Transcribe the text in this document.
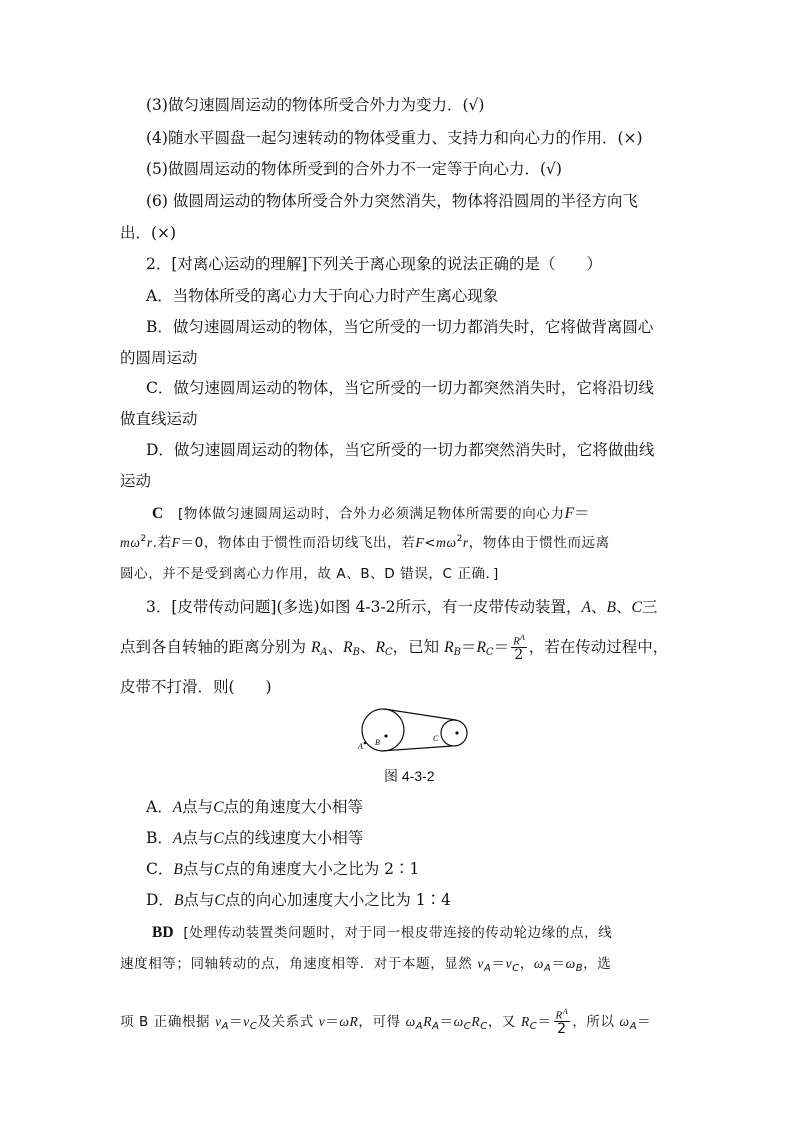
(3)做匀速圆周运动的物体所受合外力为变力．(√)
(4)随水平圆盘一起匀速转动的物体受重力、支持力和向心力的作用．(×)
(5)做圆周运动的物体所受到的合外力不一定等于向心力．(√)
(6) 做圆周运动的物体所受合外力突然消失，物体将沿圆周的半径方向飞
出．(×)
2．[对离心运动的理解]下列关于离心现象的说法正确的是（　　）
A．当物体所受的离心力大于向心力时产生离心现象
B．做匀速圆周运动的物体，当它所受的一切力都消失时，它将做背离圆心
的圆周运动
C．做匀速圆周运动的物体，当它所受的一切力都突然消失时，它将沿切线
做直线运动
D．做匀速圆周运动的物体，当它所受的一切力都突然消失时，它将做曲线
运动
C [物体做匀速圆周运动时，合外力必须满足物体所需要的向心力F＝
$m\omega^2r$.若F＝0，物体由于惯性而沿切线飞出，若$F<m\omega^2r$，物体由于惯性而远离
圆心，并不是受到离心力作用，故 A、B、D 错误，C 正确．]
3．[皮带传动问题](多选)如图 4-3-2所示，有一皮带传动装置，A、B、C三
点到各自转轴的距离分别为 $R_A$、$R_B$、$R_C$，已知 $R_B=R_C= \frac{R^A}{2}$ ，若在传动过程中，
皮带不打滑．则(　　)
A B	C
图 4-3-2
A．A点与C点的角速度大小相等
B．A点与C点的线速度大小相等
C．B点与C点的角速度大小之比为 2∶1
D．B点与C点的向心加速度大小之比为 1∶4
BD [处理传动装置类问题时，对于同一根皮带连接的传动轮边缘的点，线
速度相等；同轴转动的点，角速度相等．对于本题，显然 $v_A=v_C$，$\omega_A=\omega_B$，选
项 B 正确根据 $v_A=v_C$及关系式 v＝ωR，可得 $\omega_AR_A=\omega_CR_C$，又 $R_C= \frac{R^A}{2}$ ，所以 $\omega_A=$
